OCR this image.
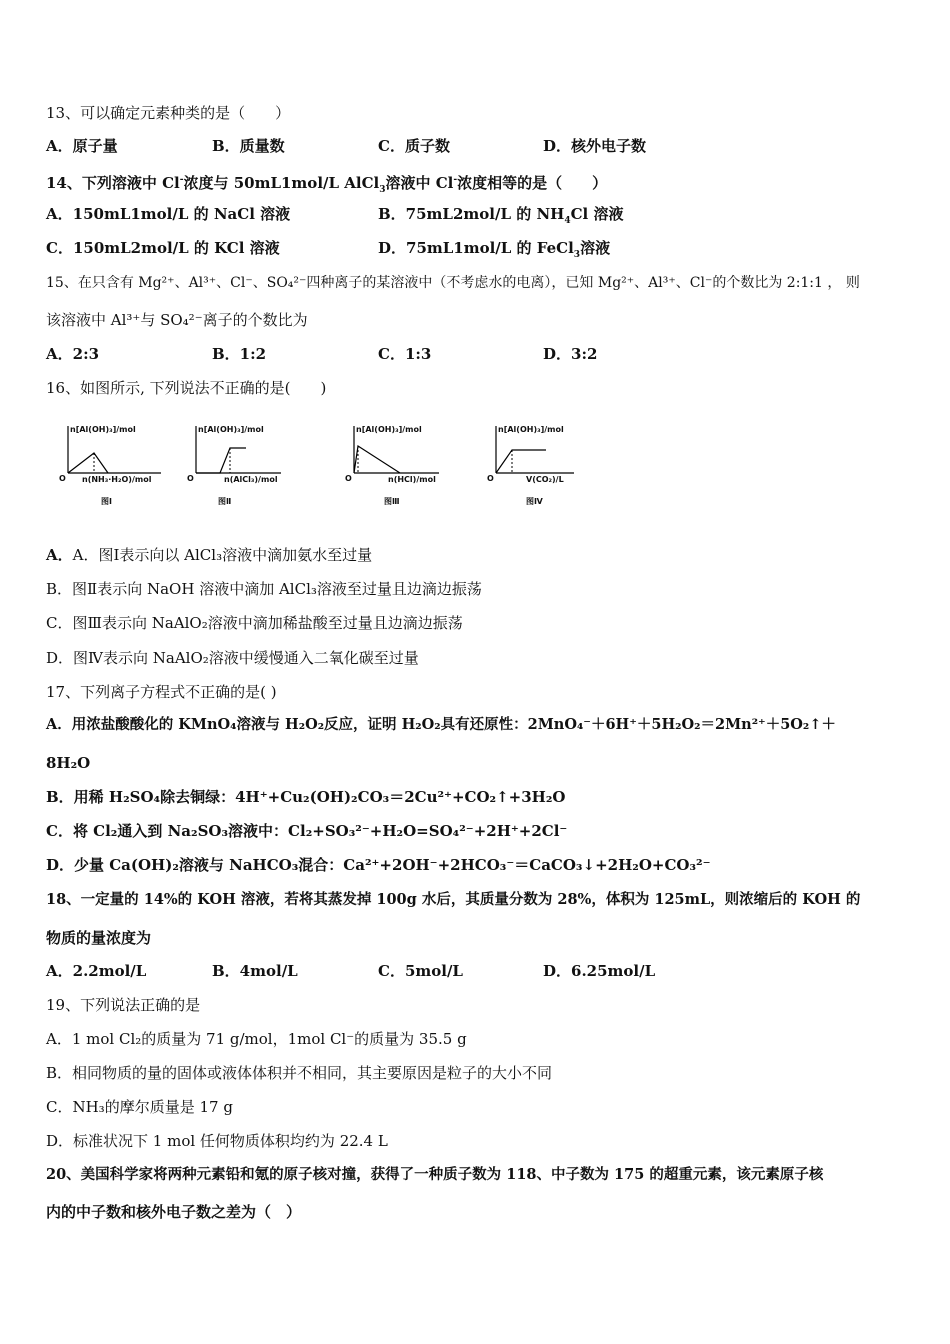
13、可以确定元素种类的是（　　）
A．原子量	B．质量数	C．质子数	D．核外电子数
14、下列溶液中 Cl-浓度与 50mL1mol/L AlCl$_3$溶液中 Cl-浓度相等的是（　　）
A．150mL1mol/L 的 NaCl 溶液	B．75mL2mol/L 的 $NH_4Cl$ 溶液
C．150mL2mol/L 的 KCl 溶液	D．75mL1mol/L 的 FeCl$_3$溶液
15、在只含有 Mg²⁺、Al³⁺、Cl⁻、SO₄²⁻四种离子的某溶液中（不考虑水的电离），已知 Mg²⁺、Al³⁺、Cl⁻的个数比为 2:1:1 ， 则
该溶液中 Al³⁺与 SO₄²⁻离子的个数比为
A．2:3	B．1:2	C．1:3	D．3:2
16、如图所示, 下列说法不正确的是(　　)
n[Al(OH)₃]/mol
O n(NH₃·H₂O)/mol
图Ⅰ
n[Al(OH)₃]/mol
O	n(AlCl₃)/mol
图Ⅱ
n[Al(OH)₃]/mol
O	n(HCl)/mol
图Ⅲ
n[Al(OH)₃]/mol
O	V(CO₂)/L
图Ⅳ
A．A．图Ⅰ表示向以 AlCl₃溶液中滴加氨水至过量
B．图Ⅱ表示向 NaOH 溶液中滴加 AlCl₃溶液至过量且边滴边振荡
C．图Ⅲ表示向 NaAlO₂溶液中滴加稀盐酸至过量且边滴边振荡
D．图Ⅳ表示向 NaAlO₂溶液中缓慢通入二氧化碳至过量
17、下列离子方程式不正确的是( )
A．用浓盐酸酸化的 KMnO₄溶液与 H₂O₂反应，证明 H₂O₂具有还原性：2MnO₄⁻＋6H⁺＋5H₂O₂＝2Mn²⁺＋5O₂↑＋
8H₂O
B．用稀 H₂SO₄除去铜绿：4H⁺+Cu₂(OH)₂CO₃＝2Cu²⁺+CO₂↑+3H₂O
C．将 Cl₂通入到 Na₂SO₃溶液中：Cl₂+SO₃²⁻+H₂O=SO₄²⁻+2H⁺+2Cl⁻
D．少量 Ca(OH)₂溶液与 NaHCO₃混合：Ca²⁺+2OH⁻+2HCO₃⁻＝CaCO₃↓+2H₂O+CO₃²⁻
18、一定量的 14%的 KOH 溶液，若将其蒸发掉 100g 水后，其质量分数为 28%，体积为 125mL，则浓缩后的 KOH 的
物质的量浓度为
A．2.2mol/L	B．4mol/L	C．5mol/L	D．6.25mol/L
19、下列说法正确的是
A．1 mol Cl₂的质量为 71 g/mol，1mol Cl⁻的质量为 35.5 g
B．相同物质的量的固体或液体体积并不相同，其主要原因是粒子的大小不同
C．NH₃的摩尔质量是 17 g
D．标准状况下 1 mol 任何物质体积均约为 22.4 L
20、美国科学家将两种元素铅和氪的原子核对撞，获得了一种质子数为 118、中子数为 175 的超重元素，该元素原子核
内的中子数和核外电子数之差为（　）
